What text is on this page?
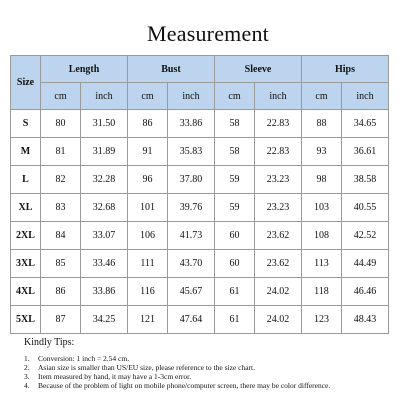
Measurement
Size	Length		Bust		Sleeve		Hips	
	cm	inch	cm	inch	cm	inch	cm	inch
S	80	31.50	86	33.86	58	22.83	88	34.65
M	81	31.89	91	35.83	58	22.83	93	36.61
L	82	32.28	96	37.80	59	23.23	98	38.58
XL	83	32.68	101	39.76	59	23.23	103	40.55
2XL	84	33.07	106	41.73	60	23.62	108	42.52
3XL	85	33.46	111	43.70	60	23.62	113	44.49
4XL	86	33.86	116	45.67	61	24.02	118	46.46
5XL	87	34.25	121	47.64	61	24.02	123	48.43
Kindly Tips:
1. Conversion: 1 inch = 2.54 cm.
2. Asian size is smaller than US/EU size, please reference to the size chart.
3. Item measured by hand, it may have a 1-3cm error.
4. Because of the problem of light on mobile phone/computer screen, there may be color difference.
